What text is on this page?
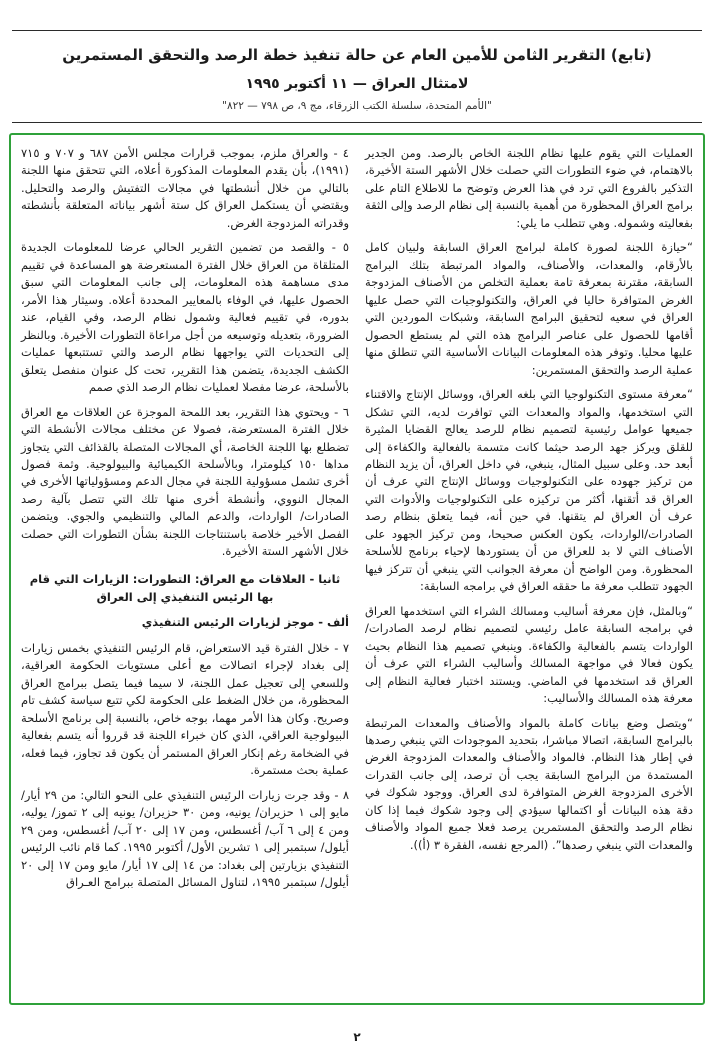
(تابع) التقرير الثامن للأمين العام عن حالة تنفيذ خطة الرصد والتحقق المستمرين
لامتثال العراق — ١١ أكتوبر ١٩٩٥
"الأمم المتحدة، سلسلة الكتب الزرقاء، مج ٩، ص ٧٩٨ — ٨٢٢"

العمليات التي يقوم عليها نظام اللجنة الخاص بالرصد. ومن الجدير بالاهتمام، في ضوء التطورات التي حصلت خلال الأشهر الستة الأخيرة، التذكير بالفروع التي ترد في هذا العرض وتوضح ما للاطلاع التام على برامج العراق المحظورة من أهمية بالنسبة إلى نظام الرصد وإلى الثقة بفعاليته وشموله. وهي تتطلب ما يلي:

“حيازة اللجنة لصورة كاملة لبرامج العراق السابقة ولبيان كامل بالأرقام، والمعدات، والأصناف، والمواد المرتبطة بتلك البرامج السابقة، مقترنة بمعرفة تامة بعملية التخلص من الأصناف المزدوجة الغرض المتوافرة حاليا في العراق، والتكنولوجيات التي حصل عليها العراق في سعيه لتحقيق البرامج السابقة، وشبكات الموردين التي أقامها للحصول على عناصر البرامج هذه التي لم يستطع الحصول عليها محليا. وتوفر هذه المعلومات البيانات الأساسية التي تنطلق منها عملية الرصد والتحقق المستمرين:

“معرفة مستوى التكنولوجيا التي بلغه العراق، ووسائل الإنتاج والاقتناء التي استخدمها، والمواد والمعدات التي توافرت لديه، التي تشكل جميعها عوامل رئيسية لتصميم نظام للرصد يعالج القضايا المثيرة للقلق ويركز جهد الرصد حيثما كانت متسمة بالفعالية والكفاءة إلى أبعد حد. وعلى سبيل المثال، ينبغي، في داخل العراق، أن يزيد النظام من تركيز جهوده على التكنولوجيات ووسائل الإنتاج التي عرف أن العراق قد أتقنها، أكثر من تركيزه على التكنولوجيات والأدوات التي عرف أن العراق لم يتقنها. في حين أنه، فيما يتعلق بنظام رصد الصادرات/الواردات، يكون العكس صحيحا، ومن تركيز الجهود على الأصناف التي لا بد للعراق من أن يستوردها لإحياء برنامج للأسلحة المحظورة. ومن الواضح أن معرفة الجوانب التي ينبغي أن تتركز فيها الجهود تتطلب معرفة ما حققه العراق في برامجه السابقة:

“وبالمثل، فإن معرفة أساليب ومسالك الشراء التي استخدمها العراق في برامجه السابقة عامل رئيسي لتصميم نظام لرصد الصادرات/ الواردات يتسم بالفعالية والكفاءة. وينبغي تصميم هذا النظام بحيث يكون فعالا في مواجهة المسالك وأساليب الشراء التي عرف أن العراق قد استخدمها في الماضي. ويستند اختبار فعالية النظام إلى معرفة هذه المسالك والأساليب:

“ويتصل وضع بيانات كاملة بالمواد والأصناف والمعدات المرتبطة بالبرامج السابقة، اتصالا مباشرا، بتحديد الموجودات التي ينبغي رصدها في إطار هذا النظام. فالمواد والأصناف والمعدات المزدوجة الغرض المستمدة من البرامج السابقة يجب أن ترصد، إلى جانب القدرات الأخرى المزدوجة الغرض المتوافرة لدى العراق. ووجود شكوك في دقة هذه البيانات أو اكتمالها سيؤدي إلى وجود شكوك فيما إذا كان نظام الرصد والتحقق المستمرين يرصد فعلا جميع المواد والأصناف والمعدات التي ينبغي رصدها”. (المرجع نفسه، الفقرة ٣ (أ)).

٤ - والعراق ملزم، بموجب قرارات مجلس الأمن ٦٨٧ و ٧٠٧ و ٧١٥ (١٩٩١)، بأن يقدم المعلومات المذكورة أعلاه، التي تتحقق منها اللجنة بالتالي من خلال أنشطتها في مجالات التفتيش والرصد والتحليل. ويقتضي أن يستكمل العراق كل ستة أشهر بياناته المتعلقة بأنشطته وقدراته المزدوجة الغرض.

٥ - والقصد من تضمين التقرير الحالي عرضا للمعلومات الجديدة المتلقاة من العراق خلال الفترة المستعرضة هو المساعدة في تقييم مدى مساهمة هذه المعلومات، إلى جانب المعلومات التي سبق الحصول عليها، في الوفاء بالمعايير المحددة أعلاه. وسيثار هذا الأمر، بدوره، في تقييم فعالية وشمول نظام الرصد، وفي القيام، عند الضرورة، بتعديله وتوسيعه من أجل مراعاة التطورات الأخيرة. وبالنظر إلى التحديات التي يواجهها نظام الرصد والتي تستتبعها عمليات الكشف الجديدة، يتضمن هذا التقرير، تحت كل عنوان منفصل يتعلق بالأسلحة، عرضا مفصلا لعمليات نظام الرصد الذي صمم

٦ - ويحتوي هذا التقرير، بعد اللمحة الموجزة عن العلاقات مع العراق خلال الفترة المستعرضة، فصولا عن مختلف مجالات الأنشطة التي تضطلع بها اللجنة الخاصة، أي المجالات المتصلة بالقذائف التي يتجاوز مداها ١٥٠ كيلومترا، وبالأسلحة الكيميائية والبيولوجية. وثمة فصول أخرى تشمل مسؤولية اللجنة في مجال الدعم ومسؤولياتها الأخرى في المجال النووي، وأنشطة أخرى منها تلك التي تتصل بآلية رصد الصادرات/ الواردات، والدعم المالي والتنظيمي والجوي. ويتضمن الفصل الأخير خلاصة باستنتاجات اللجنة بشأن التطورات التي حصلت خلال الأشهر الستة الأخيرة.

ثانيا - العلاقات مع العراق: التطورات: الزيارات التي قام بها الرئيس التنفيذي إلى العراق
ألف - موجز لزيارات الرئيس التنفيذي

٧ - خلال الفترة قيد الاستعراض، قام الرئيس التنفيذي بخمس زيارات إلى بغداد لإجراء اتصالات مع أعلى مستويات الحكومة العراقية، وللسعي إلى تعجيل عمل اللجنة، لا سيما فيما يتصل ببرامج العراق المحظورة، من خلال الضغط على الحكومة لكي تتبع سياسة كشف تام وصريح. وكان هذا الأمر مهما، بوجه خاص، بالنسبة إلى برنامج الأسلحة البيولوجية العراقي، الذي كان خبراء اللجنة قد قرروا أنه يتسم بفعالية في الضخامة رغم إنكار العراق المستمر أن يكون قد تجاوز، فيما فعله، عملية بحث مستمرة.

٨ - وقد جرت زيارات الرئيس التنفيذي على النحو التالي: من ٢٩ أيار/ مايو إلى ١ حزيران/ يونيه، ومن ٣٠ حزيران/ يونيه إلى ٢ تموز/ يوليه، ومن ٤ إلى ٦ آب/ أغسطس، ومن ١٧ إلى ٢٠ آب/ أغسطس، ومن ٢٩ أيلول/ سبتمبر إلى ١ تشرين الأول/ أكتوبر ١٩٩٥. كما قام نائب الرئيس التنفيذي بزيارتين إلى بغداد: من ١٤ إلى ١٧ أيار/ مايو ومن ١٧ إلى ٢٠ أيلول/ سبتمبر ١٩٩٥، لتناول المسائل المتصلة ببرامج العـراق

٢
